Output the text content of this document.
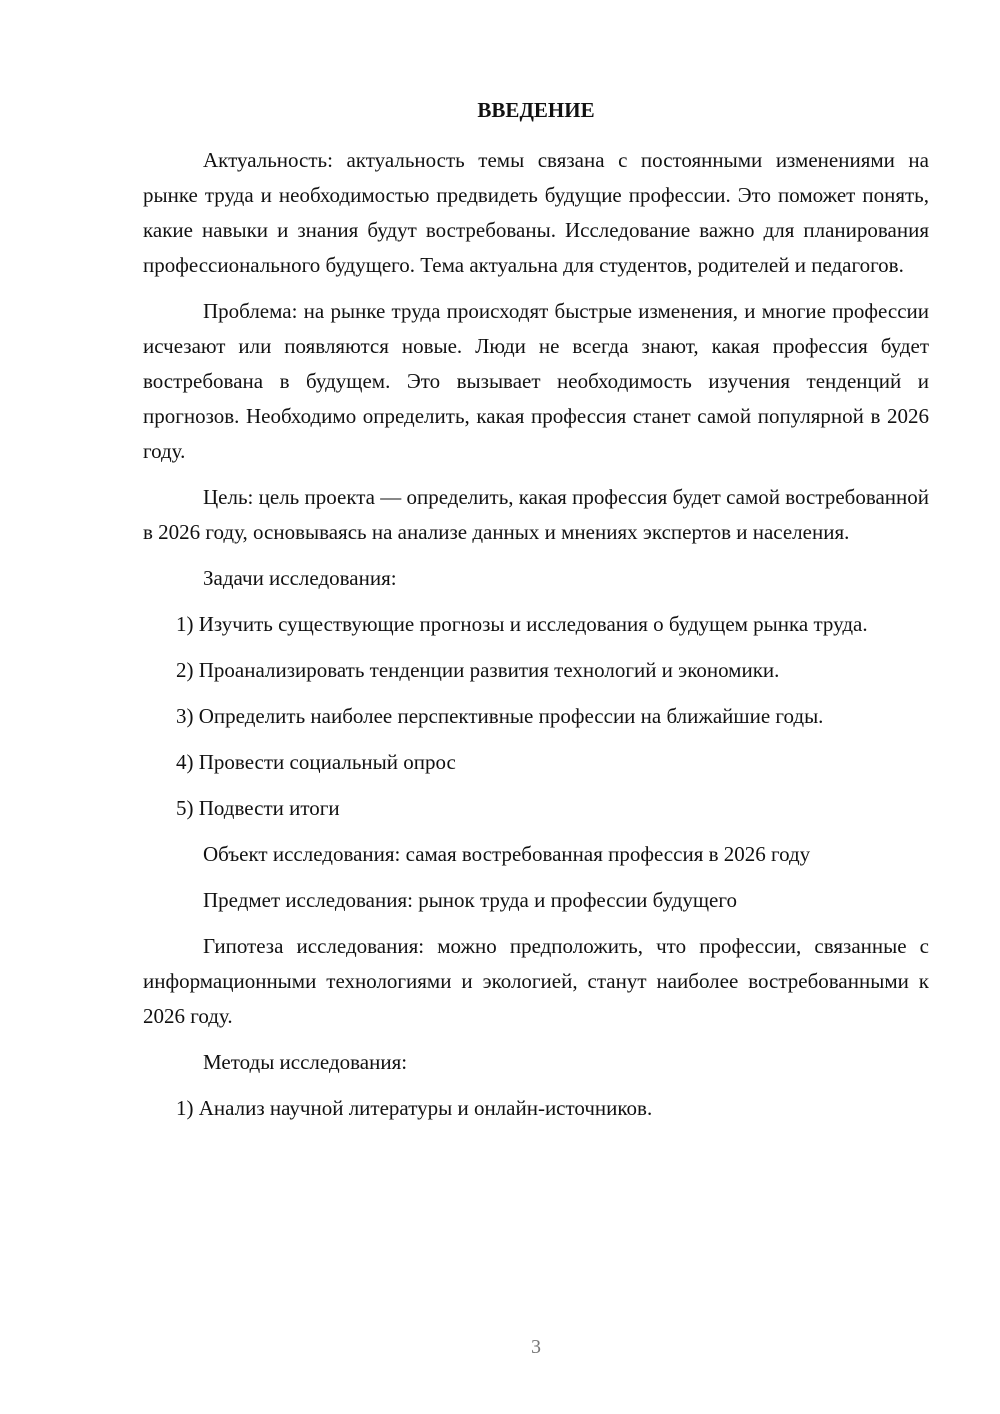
ВВЕДЕНИЕ
Актуальность: актуальность темы связана с постоянными изменениями на рынке труда и необходимостью предвидеть будущие профессии. Это поможет понять, какие навыки и знания будут востребованы. Исследование важно для планирования профессионального будущего. Тема актуальна для студентов, родителей и педагогов.
Проблема: на рынке труда происходят быстрые изменения, и многие профессии исчезают или появляются новые. Люди не всегда знают, какая профессия будет востребована в будущем. Это вызывает необходимость изучения тенденций и прогнозов. Необходимо определить, какая профессия станет самой популярной в 2026 году.
Цель: цель проекта — определить, какая профессия будет самой востребованной в 2026 году, основываясь на анализе данных и мнениях экспертов и населения.
Задачи исследования:
1) Изучить существующие прогнозы и исследования о будущем рынка труда.
2) Проанализировать тенденции развития технологий и экономики.
3) Определить наиболее перспективные профессии на ближайшие годы.
4) Провести социальный опрос
5) Подвести итоги
Объект исследования: самая востребованная профессия в 2026 году
Предмет исследования: рынок труда и профессии будущего
Гипотеза исследования: можно предположить, что профессии, связанные с информационными технологиями и экологией, станут наиболее востребованными к 2026 году.
Методы исследования:
1) Анализ научной литературы и онлайн-источников.
3
